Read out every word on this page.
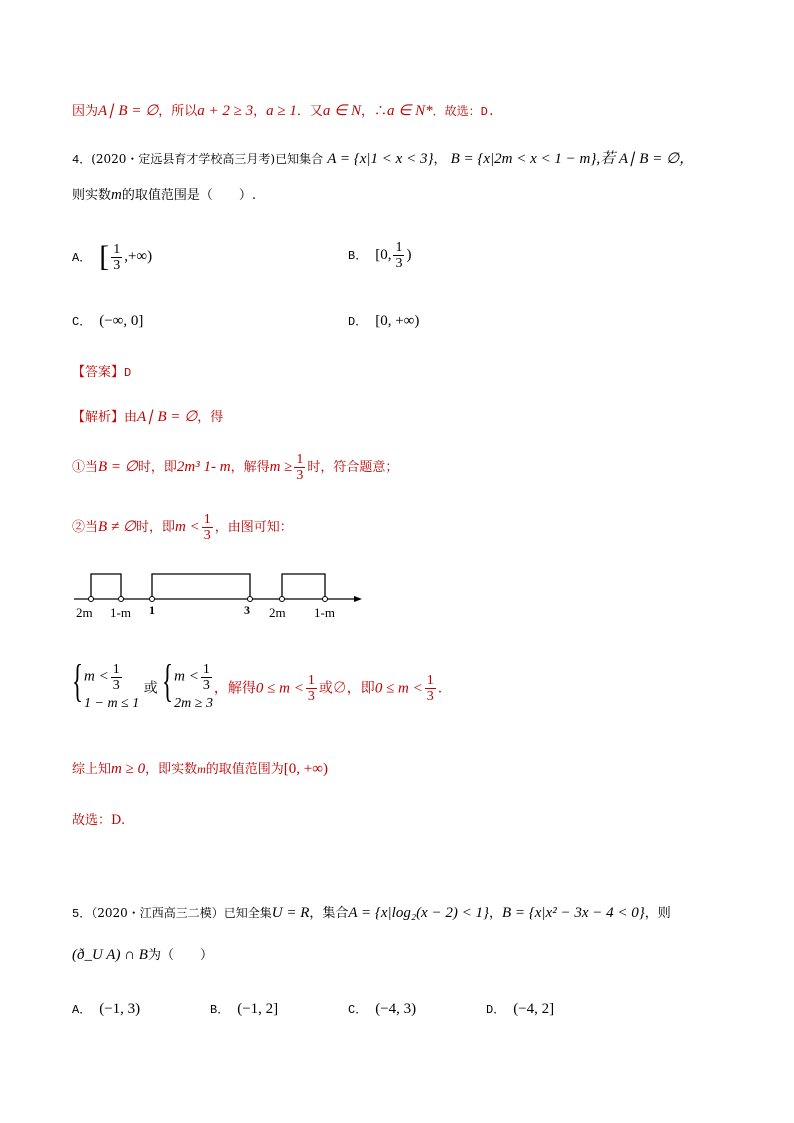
因为A∣ B = ∅，所以a + 2 ≥ 3，a ≥ 1．又a ∈ N，∴a ∈ N*．故选：D.
4．(2020・定远县育才学校高三月考)已知集合 A = {x|1 < x < 3}， B = {x|2m < x < 1 − m},若 A∣ B = ∅，
则实数m的取值范围是（　　）.
A． [ $\frac{1}{3}$ ,+∞)	B． [0, $\frac{1}{3}$ )
C． (−∞, 0]	D． [0, +∞)
【答案】D
【解析】由A∣ B = ∅，得
①当B = ∅时，即2m³ 1- m，解得$m \ge \frac{1}{3}$ 时，符合题意；
②当B ≠ ∅时，即$m < \frac{1}{3}$ ，由图可知：
2m 1-m 1	3 2m 1-m
{ $m < \frac{1}{3}$
1 − m ≤ 1
或 { $m < \frac{1}{3}$
2m ≥ 3
，解得$0 \le m < \frac{1}{3}$ 或∅，即$0 \le m < \frac{1}{3}$ .
综上知m ≥ 0，即实数m的取值范围为[0, +∞)
故选：D.
5．（2020・江西高三二模）已知全集U = R，集合A = {x|log₂(x − 2) < 1}，B = {x|x² − 3x − 4 < 0}，则
(ð_U A) ∩ B为（　　）
A． (−1, 3)	B． (−1, 2]	C． (−4, 3)	D． (−4, 2]
